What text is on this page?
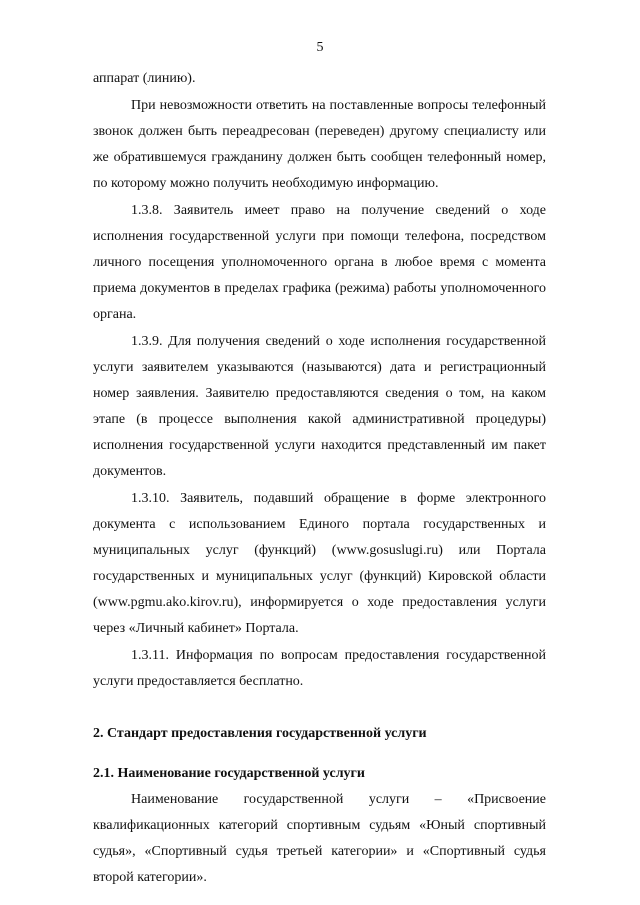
5

аппарат (линию).

При невозможности ответить на поставленные вопросы телефонный звонок должен быть переадресован (переведен) другому специалисту или же обратившемуся гражданину должен быть сообщен телефонный номер, по которому можно получить необходимую информацию.

1.3.8. Заявитель имеет право на получение сведений о ходе исполнения государственной услуги при помощи телефона, посредством личного посещения уполномоченного органа в любое время с момента приема документов в пределах графика (режима) работы уполномоченного органа.

1.3.9. Для получения сведений о ходе исполнения государственной услуги заявителем указываются (называются) дата и регистрационный номер заявления. Заявителю предоставляются сведения о том, на каком этапе (в процессе выполнения какой административной процедуры) исполнения государственной услуги находится представленный им пакет документов.

1.3.10. Заявитель, подавший обращение в форме электронного документа с использованием Единого портала государственных и муниципальных услуг (функций) (www.gosuslugi.ru) или Портала государственных и муниципальных услуг (функций) Кировской области (www.pgmu.ako.kirov.ru), информируется о ходе предоставления услуги через «Личный кабинет» Портала.

1.3.11. Информация по вопросам предоставления государственной услуги предоставляется бесплатно.

2. Стандарт предоставления государственной услуги

2.1. Наименование государственной услуги

Наименование государственной услуги – «Присвоение квалификационных категорий спортивным судьям «Юный спортивный судья», «Спортивный судья третьей категории» и «Спортивный судья второй категории».
